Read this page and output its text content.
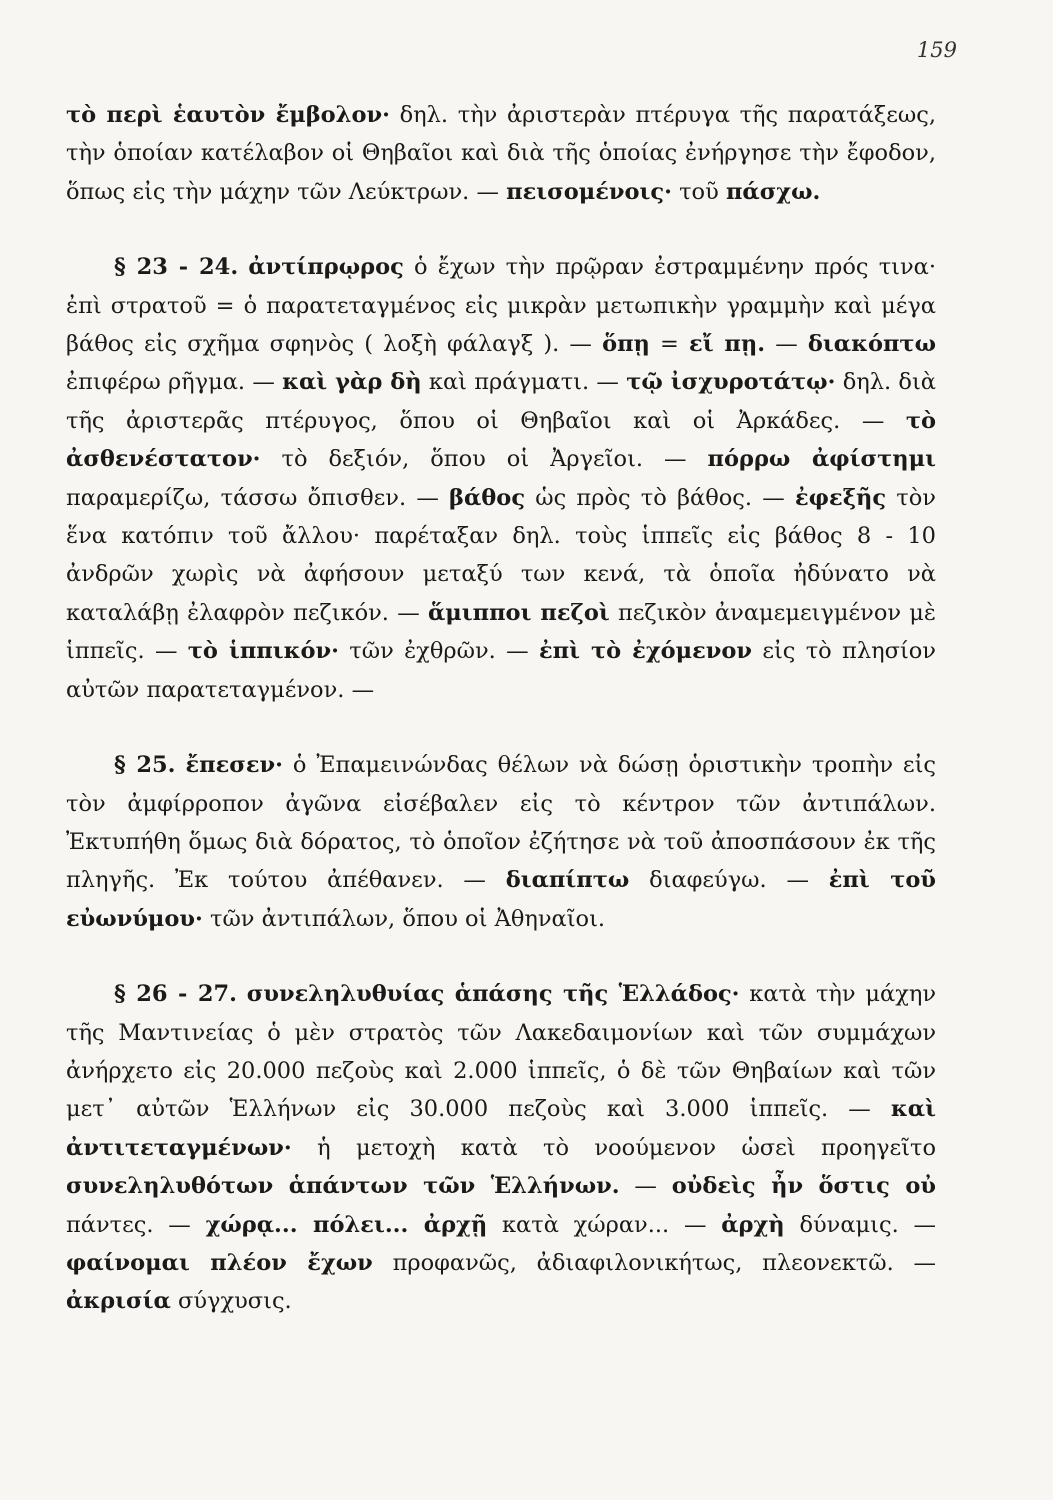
159

τὸ περὶ ἑαυτὸν ἔμβολον· δηλ. τὴν ἀριστερὰν πτέρυγα τῆς παρατάξεως, τὴν ὁποίαν κατέλαβον οἱ Θηβαῖοι καὶ διὰ τῆς ὁποίας ἐνήργησε τὴν ἔφοδον, ὅπως εἰς τὴν μάχην τῶν Λεύκτρων. — πεισομένοις· τοῦ πάσχω.

§ 23 - 24. ἀντίπρῳρος ὁ ἔχων τὴν πρῷραν ἐστραμμένην πρός τινα· ἐπὶ στρατοῦ = ὁ παρατεταγμένος εἰς μικρὰν μετωπικὴν γραμμὴν καὶ μέγα βάθος εἰς σχῆμα σφηνὸς ( λοξὴ φάλαγξ ). — ὅπῃ = εἴ πῃ. — διακόπτω ἐπιφέρω ρῆγμα. — καὶ γὰρ δὴ καὶ πράγματι. — τῷ ἰσχυροτάτῳ· δηλ. διὰ τῆς ἀριστερᾶς πτέρυγος, ὅπου οἱ Θηβαῖοι καὶ οἱ Ἀρκάδες. — τὸ ἀσθενέστατον· τὸ δεξιόν, ὅπου οἱ Ἀργεῖοι. — πόρρω ἀφίστημι παραμερίζω, τάσσω ὄπισθεν. — βάθος ὡς πρὸς τὸ βάθος. — ἐφεξῆς τὸν ἕνα κατόπιν τοῦ ἄλλου· παρέταξαν δηλ. τοὺς ἱππεῖς εἰς βάθος 8 - 10 ἀνδρῶν χωρὶς νὰ ἀφήσουν μεταξύ των κενά, τὰ ὁποῖα ἠδύνατο νὰ καταλάβῃ ἐλαφρὸν πεζικόν. — ἅμιπποι πεζοὶ πεζικὸν ἀναμεμειγμένον μὲ ἱππεῖς. — τὸ ἱππικόν· τῶν ἐχθρῶν. — ἐπὶ τὸ ἐχόμενον εἰς τὸ πλησίον αὐτῶν παρατεταγμένον. —

§ 25. ἔπεσεν· ὁ Ἐπαμεινώνδας θέλων νὰ δώσῃ ὁριστικὴν τροπὴν εἰς τὸν ἀμφίρροπον ἀγῶνα εἰσέβαλεν εἰς τὸ κέντρον τῶν ἀντιπάλων. Ἐκτυπήθη ὅμως διὰ δόρατος, τὸ ὁποῖον ἐζήτησε νὰ τοῦ ἀποσπάσουν ἐκ τῆς πληγῆς. Ἐκ τούτου ἀπέθανεν. — διαπίπτω διαφεύγω. — ἐπὶ τοῦ εὐωνύμου· τῶν ἀντιπάλων, ὅπου οἱ Ἀθηναῖοι.

§ 26 - 27. συνεληλυθυίας ἁπάσης τῆς Ἑλλάδος· κατὰ τὴν μάχην τῆς Μαντινείας ὁ μὲν στρατὸς τῶν Λακεδαιμονίων καὶ τῶν συμμάχων ἀνήρχετο εἰς 20.000 πεζοὺς καὶ 2.000 ἱππεῖς, ὁ δὲ τῶν Θηβαίων καὶ τῶν μετ᾽ αὐτῶν Ἑλλήνων εἰς 30.000 πεζοὺς καὶ 3.000 ἱππεῖς. — καὶ ἀντιτεταγμένων· ἡ μετοχὴ κατὰ τὸ νοούμενον ὡσεὶ προηγεῖτο συνεληλυθότων ἁπάντων τῶν Ἑλλήνων. — οὐδεὶς ἦν ὅστις οὐ πάντες. — χώρᾳ... πόλει... ἀρχῇ κατὰ χώραν... — ἀρχὴ δύναμις. — φαίνομαι πλέον ἔχων προφανῶς, ἀδιαφιλονικήτως, πλεονεκτῶ. — ἀκρισία σύγχυσις.
